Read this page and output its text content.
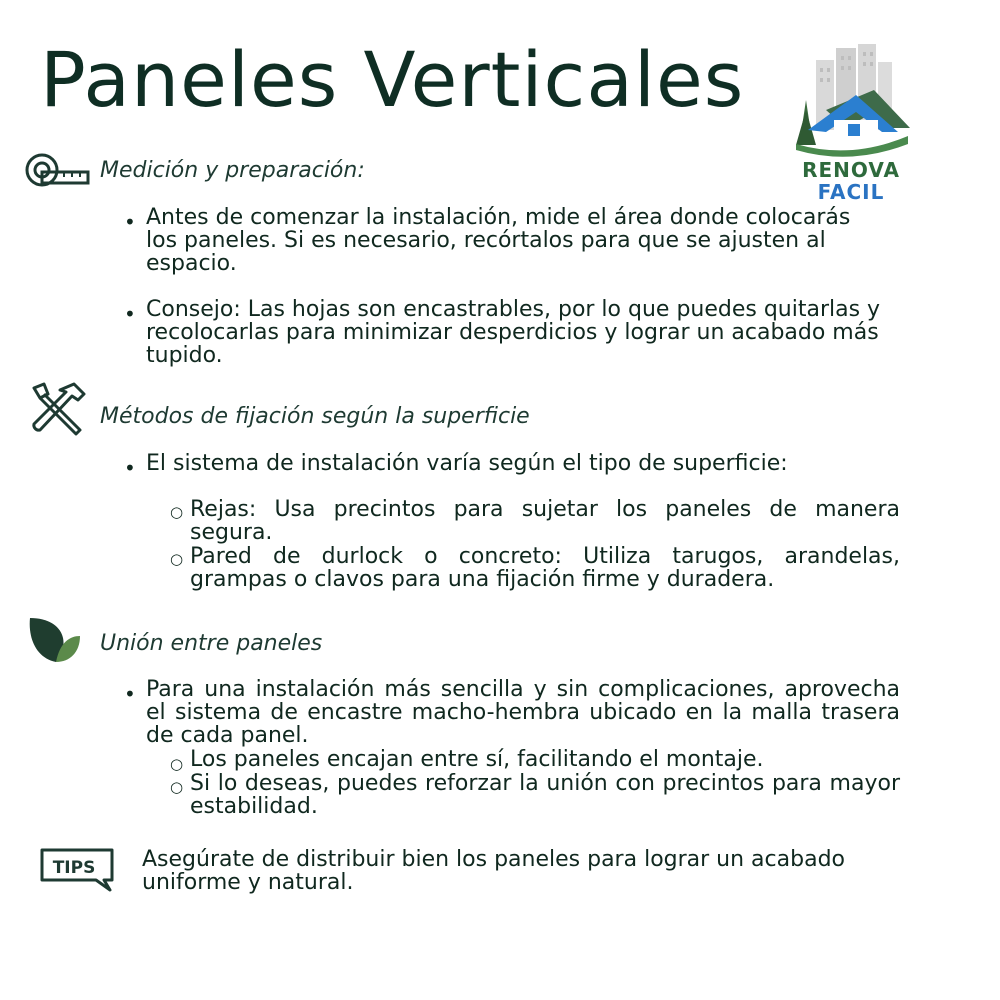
Paneles Verticales
RENOVA
FACIL
Medición y preparación:
• Antes de comenzar la instalación, mide el área donde colocarás los paneles. Si es necesario, recórtalos para que se ajusten al espacio.

• Consejo: Las hojas son encastrables, por lo que puedes quitarlas y recolocarlas para minimizar desperdicios y lograr un acabado más tupido.

Métodos de fijación según la superficie
• El sistema de instalación varía según el tipo de superficie:

○ Rejas: Usa precintos para sujetar los paneles de manera segura.

○ Pared de durlock o concreto: Utiliza tarugos, arandelas, grampas o clavos para una fijación firme y duradera.

Unión entre paneles
• Para una instalación más sencilla y sin complicaciones, aprovecha el sistema de encastre macho-hembra ubicado en la malla trasera de cada panel.

○ Los paneles encajan entre sí, facilitando el montaje.

○ Si lo deseas, puedes reforzar la unión con precintos para mayor estabilidad.

TIPS Asegúrate de distribuir bien los paneles para lograr un acabado uniforme y natural.
